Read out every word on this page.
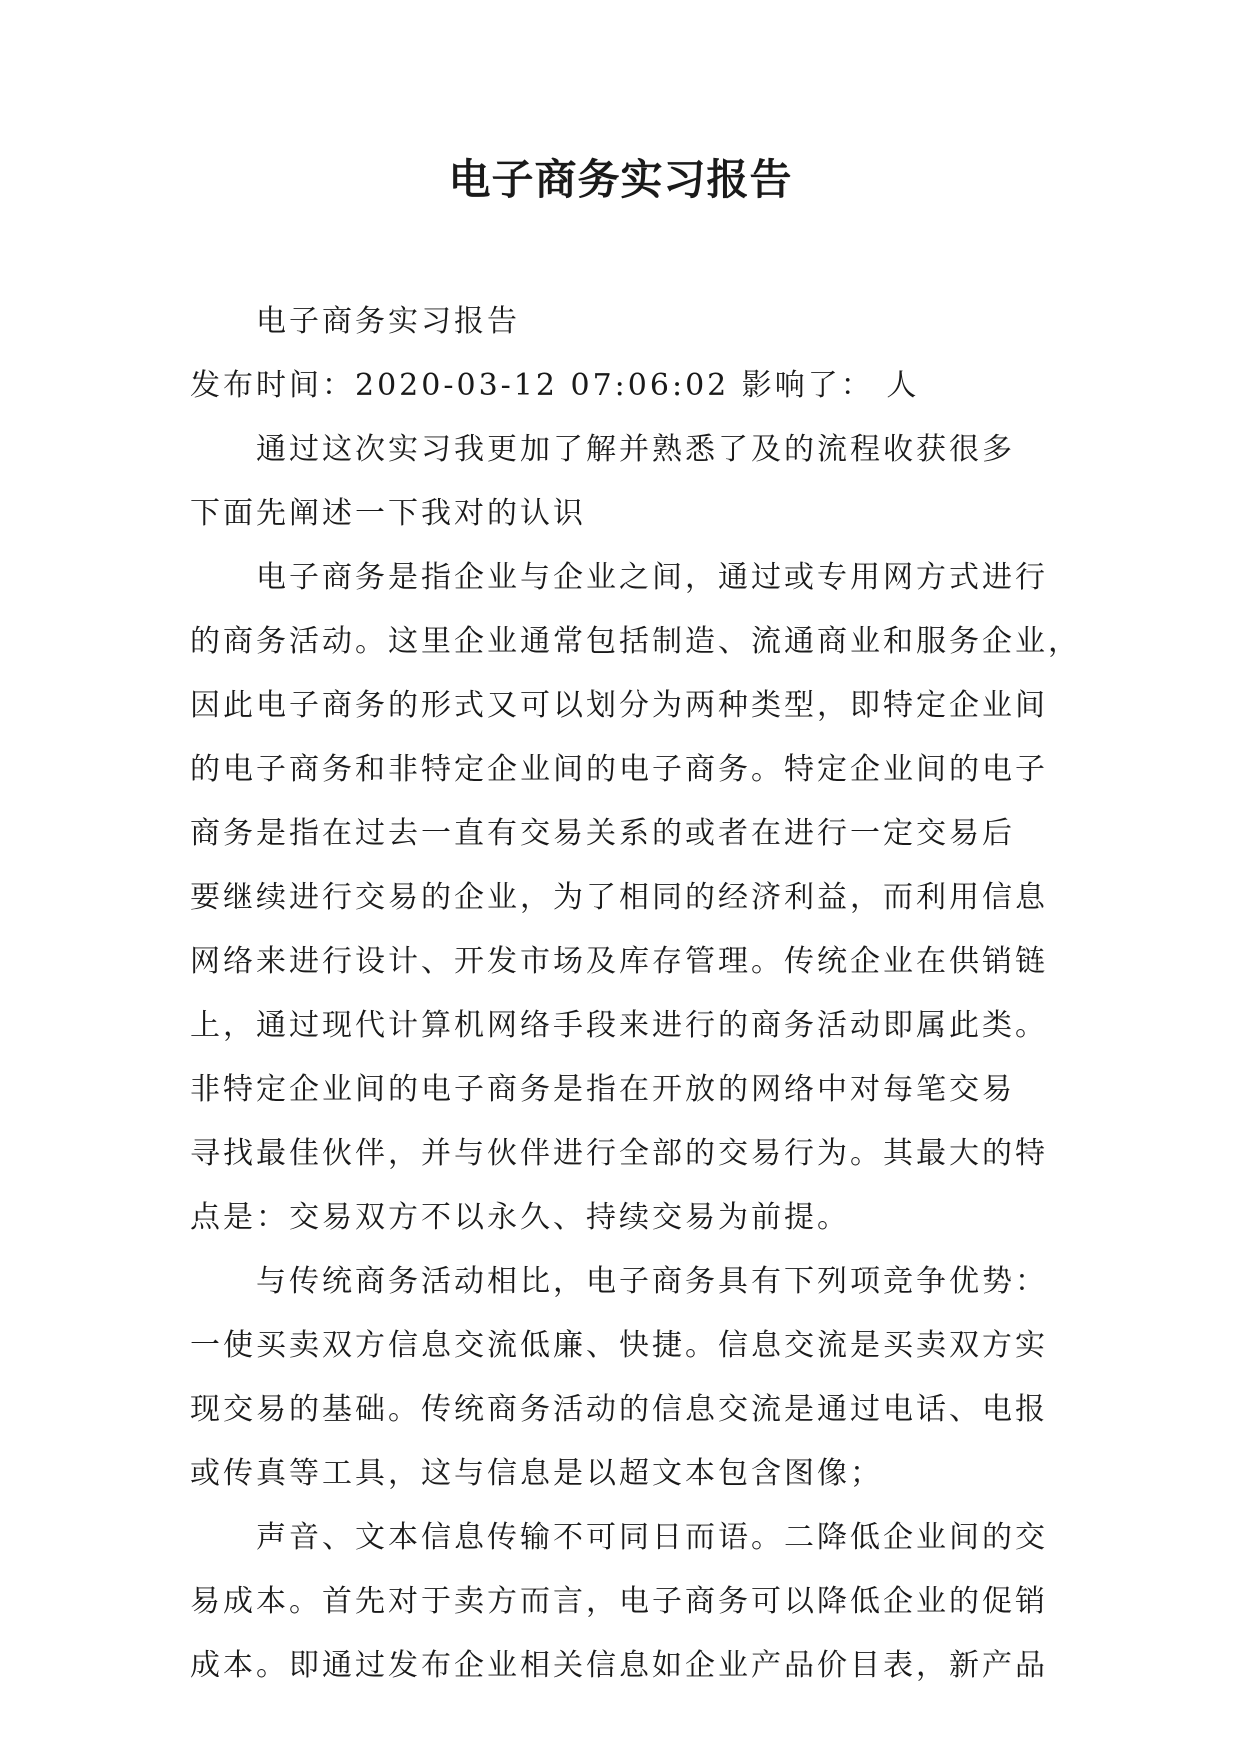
电子商务实习报告
电子商务实习报告
发布时间：2020-03-12 07:06:02 影响了： 人
通过这次实习我更加了解并熟悉了及的流程收获很多
下面先阐述一下我对的认识
电子商务是指企业与企业之间，通过或专用网方式进行
的商务活动。这里企业通常包括制造、流通商业和服务企业，
因此电子商务的形式又可以划分为两种类型，即特定企业间
的电子商务和非特定企业间的电子商务。特定企业间的电子
商务是指在过去一直有交易关系的或者在进行一定交易后
要继续进行交易的企业，为了相同的经济利益，而利用信息
网络来进行设计、开发市场及库存管理。传统企业在供销链
上，通过现代计算机网络手段来进行的商务活动即属此类。
非特定企业间的电子商务是指在开放的网络中对每笔交易
寻找最佳伙伴，并与伙伴进行全部的交易行为。其最大的特
点是：交易双方不以永久、持续交易为前提。
与传统商务活动相比，电子商务具有下列项竞争优势：
一使买卖双方信息交流低廉、快捷。信息交流是买卖双方实
现交易的基础。传统商务活动的信息交流是通过电话、电报
或传真等工具，这与信息是以超文本包含图像；
声音、文本信息传输不可同日而语。二降低企业间的交
易成本。首先对于卖方而言，电子商务可以降低企业的促销
成本。即通过发布企业相关信息如企业产品价目表，新产品
